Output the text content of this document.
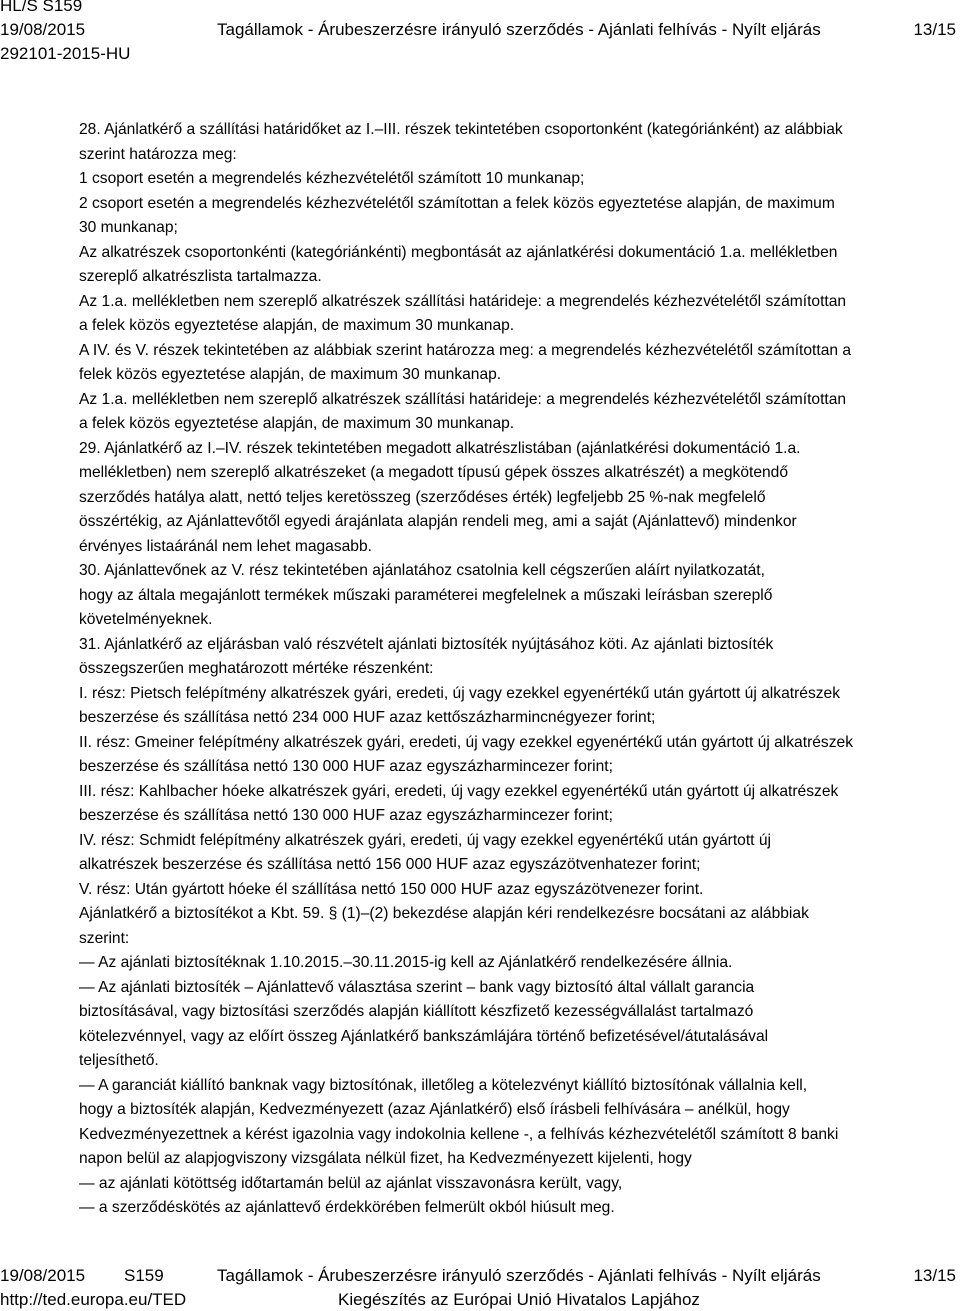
HL/S S159
19/08/2015
292101-2015-HU
Tagállamok - Árubeszerzésre irányuló szerződés - Ajánlati felhívás - Nyílt eljárás	13/15
28. Ajánlatkérő a szállítási határidőket az I.–III. részek tekintetében csoportonként (kategóriánként) az alábbiak
szerint határozza meg:
1 csoport esetén a megrendelés kézhezvételétől számított 10 munkanap;
2 csoport esetén a megrendelés kézhezvételétől számítottan a felek közös egyeztetése alapján, de maximum
30 munkanap;
Az alkatrészek csoportonkénti (kategóriánkénti) megbontását az ajánlatkérési dokumentáció 1.a. mellékletben
szereplő alkatrészlista tartalmazza.
Az 1.a. mellékletben nem szereplő alkatrészek szállítási határideje: a megrendelés kézhezvételétől számítottan
a felek közös egyeztetése alapján, de maximum 30 munkanap.
A IV. és V. részek tekintetében az alábbiak szerint határozza meg: a megrendelés kézhezvételétől számítottan a
felek közös egyeztetése alapján, de maximum 30 munkanap.
Az 1.a. mellékletben nem szereplő alkatrészek szállítási határideje: a megrendelés kézhezvételétől számítottan
a felek közös egyeztetése alapján, de maximum 30 munkanap.
29. Ajánlatkérő az I.–IV. részek tekintetében megadott alkatrészlistában (ajánlatkérési dokumentáció 1.a.
mellékletben) nem szereplő alkatrészeket (a megadott típusú gépek összes alkatrészét) a megkötendő
szerződés hatálya alatt, nettó teljes keretösszeg (szerződéses érték) legfeljebb 25 %-nak megfelelő
összértékig, az Ajánlattevőtől egyedi árajánlata alapján rendeli meg, ami a saját (Ajánlattevő) mindenkor
érvényes listaáránál nem lehet magasabb.
30. Ajánlattevőnek az V. rész tekintetében ajánlatához csatolnia kell cégszerűen aláírt nyilatkozatát,
hogy az általa megajánlott termékek műszaki paraméterei megfelelnek a műszaki leírásban szereplő
követelményeknek.
31. Ajánlatkérő az eljárásban való részvételt ajánlati biztosíték nyújtásához köti. Az ajánlati biztosíték
összegszerűen meghatározott mértéke részenként:
I. rész: Pietsch felépítmény alkatrészek gyári, eredeti, új vagy ezekkel egyenértékű után gyártott új alkatrészek
beszerzése és szállítása nettó 234 000 HUF azaz kettőszázharmincnégyezer forint;
II. rész: Gmeiner felépítmény alkatrészek gyári, eredeti, új vagy ezekkel egyenértékű után gyártott új alkatrészek
beszerzése és szállítása nettó 130 000 HUF azaz egyszázharmincezer forint;
III. rész: Kahlbacher hóeke alkatrészek gyári, eredeti, új vagy ezekkel egyenértékű után gyártott új alkatrészek
beszerzése és szállítása nettó 130 000 HUF azaz egyszázharmincezer forint;
IV. rész: Schmidt felépítmény alkatrészek gyári, eredeti, új vagy ezekkel egyenértékű után gyártott új
alkatrészek beszerzése és szállítása nettó 156 000 HUF azaz egyszázötvenhatezer forint;
V. rész: Után gyártott hóeke él szállítása nettó 150 000 HUF azaz egyszázötvenezer forint.
Ajánlatkérő a biztosítékot a Kbt. 59. § (1)–(2) bekezdése alapján kéri rendelkezésre bocsátani az alábbiak
szerint:
— Az ajánlati biztosítéknak 1.10.2015.–30.11.2015-ig kell az Ajánlatkérő rendelkezésére állnia.
— Az ajánlati biztosíték – Ajánlattevő választása szerint – bank vagy biztosító által vállalt garancia
biztosításával, vagy biztosítási szerződés alapján kiállított készfizető kezességvállalást tartalmazó
kötelezvénnyel, vagy az előírt összeg Ajánlatkérő bankszámlájára történő befizetésével/átutalásával
teljesíthető.
— A garanciát kiállító banknak vagy biztosítónak, illetőleg a kötelezvényt kiállító biztosítónak vállalnia kell,
hogy a biztosíték alapján, Kedvezményezett (azaz Ajánlatkérő) első írásbeli felhívására – anélkül, hogy
Kedvezményezettnek a kérést igazolnia vagy indokolnia kellene -, a felhívás kézhezvételétől számított 8 banki
napon belül az alapjogviszony vizsgálata nélkül fizet, ha Kedvezményezett kijelenti, hogy
— az ajánlati kötöttség időtartamán belül az ajánlat visszavonásra került, vagy,
— a szerződéskötés az ajánlattevő érdekkörében felmerült okból hiúsult meg.
19/08/2015 S159	Tagállamok - Árubeszerzésre irányuló szerződés - Ajánlati felhívás - Nyílt eljárás	13/15
http://ted.europa.eu/TED	Kiegészítés az Európai Unió Hivatalos Lapjához
